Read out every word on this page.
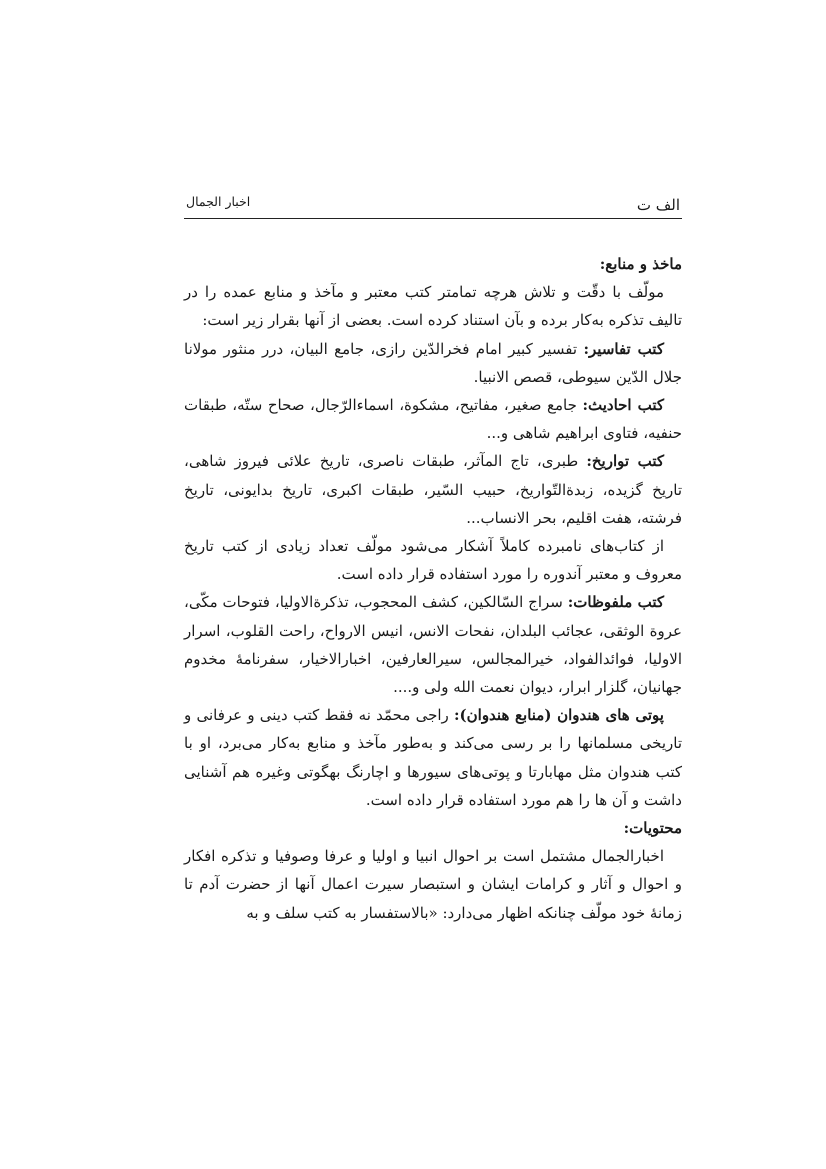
الف ت
اخبار الجمال

ماخذ و منابع:

مولّف با دقّت و تلاش هرچه تمامتر کتب معتبر و مآخذ و منابع عمده را در تالیف تذکره به‌کار برده و بآن استناد کرده است. بعضی از آنها بقرار زیر است:

کتب تفاسیر: تفسیر کبیر امام فخرالدّین رازی، جامع البیان، درر منثور مولانا جلال الدّین سیوطی، قصص الانبیا.

کتب احادیث: جامع صغیر، مفاتیح، مشکوة، اسماءالرّجال، صحاح ستّه، طبقات حنفیه، فتاوی ابراهیم شاهی و...

کتب تواریخ: طبری، تاج المآثر، طبقات ناصری، تاریخ علائی فیروز شاهی، تاریخ گزیده، زبدةالتّواریخ، حبیب السّیر، طبقات اکبری، تاریخ بدایونی، تاریخ فرشته، هفت اقلیم، بحر الانساب...

از کتاب‌های نامبرده کاملاً آشکار می‌شود مولّف تعداد زیادی از کتب تاریخ معروف و معتبر آندوره را مورد استفاده قرار داده است.

کتب ملفوظات: سراج السّالکین، کشف المحجوب، تذکرةالاولیا، فتوحات مکّی، عروة الوثقی، عجائب البلدان، نفحات الانس، انیس الارواح، راحت القلوب، اسرار الاولیا، فوائدالفواد، خیرالمجالس، سیرالعارفین، اخبارالاخیار، سفرنامهٔ مخدوم جهانیان، گلزار ابرار، دیوان نعمت الله ولی و....

پوتی های هندوان (منابع هندوان): راجی محمّد نه فقط کتب دینی و عرفانی و تاریخی مسلمانها را بر رسی می‌کند و به‌طور مآخذ و منابع به‌کار می‌برد، او با کتب هندوان مثل مهابارتا و پوتی‌های سیورها و اچارنگ بهگوتی وغیره هم آشنایی داشت و آن ها را هم مورد استفاده قرار داده است.

محتویات:

اخبارالجمال مشتمل است بر احوال انبیا و اولیا و عرفا وصوفیا و تذکره افکار و احوال و آثار و کرامات ایشان و استبصار سیرت اعمال آنها از حضرت آدم تا زمانهٔ خود مولّف چنانکه اظهار می‌دارد: «بالاستفسار به کتب سلف و به
